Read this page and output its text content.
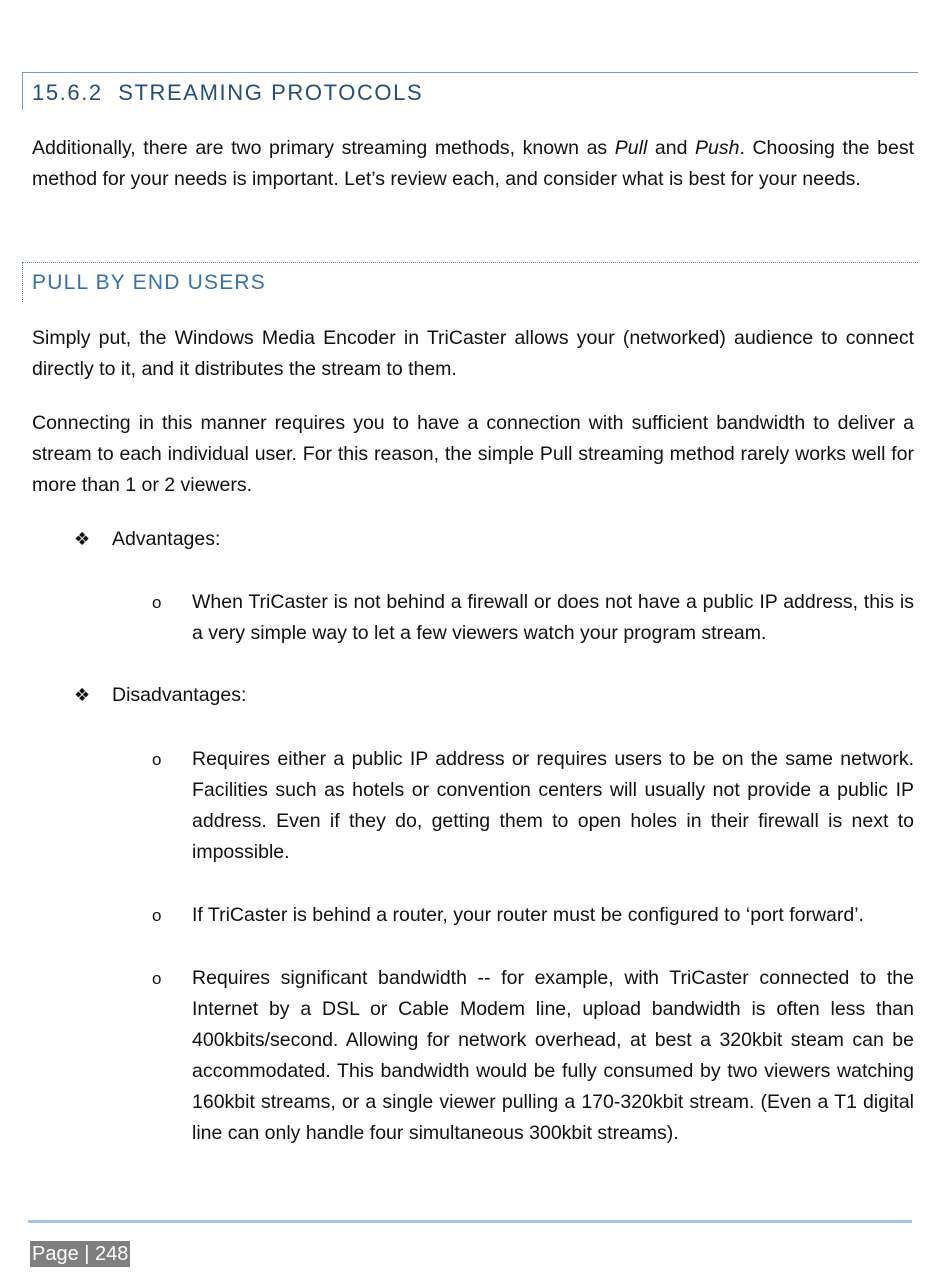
15.6.2 STREAMING PROTOCOLS

Additionally, there are two primary streaming methods, known as Pull and Push. Choosing the best method for your needs is important. Let’s review each, and consider what is best for your needs.

PULL BY END USERS

Simply put, the Windows Media Encoder in TriCaster allows your (networked) audience to connect directly to it, and it distributes the stream to them.

Connecting in this manner requires you to have a connection with sufficient bandwidth to deliver a stream to each individual user. For this reason, the simple Pull streaming method rarely works well for more than 1 or 2 viewers.

❖	Advantages:
o	When TriCaster is not behind a firewall or does not have a public IP address, this is a very simple way to let a few viewers watch your program stream.
❖	Disadvantages:
o	Requires either a public IP address or requires users to be on the same network. Facilities such as hotels or convention centers will usually not provide a public IP address. Even if they do, getting them to open holes in their firewall is next to impossible.
o	If TriCaster is behind a router, your router must be configured to ‘port forward’.
o	Requires significant bandwidth -- for example, with TriCaster connected to the Internet by a DSL or Cable Modem line, upload bandwidth is often less than 400kbits/second. Allowing for network overhead, at best a 320kbit steam can be accommodated. This bandwidth would be fully consumed by two viewers watching 160kbit streams, or a single viewer pulling a 170-320kbit stream. (Even a T1 digital line can only handle four simultaneous 300kbit streams).
Page | 248
